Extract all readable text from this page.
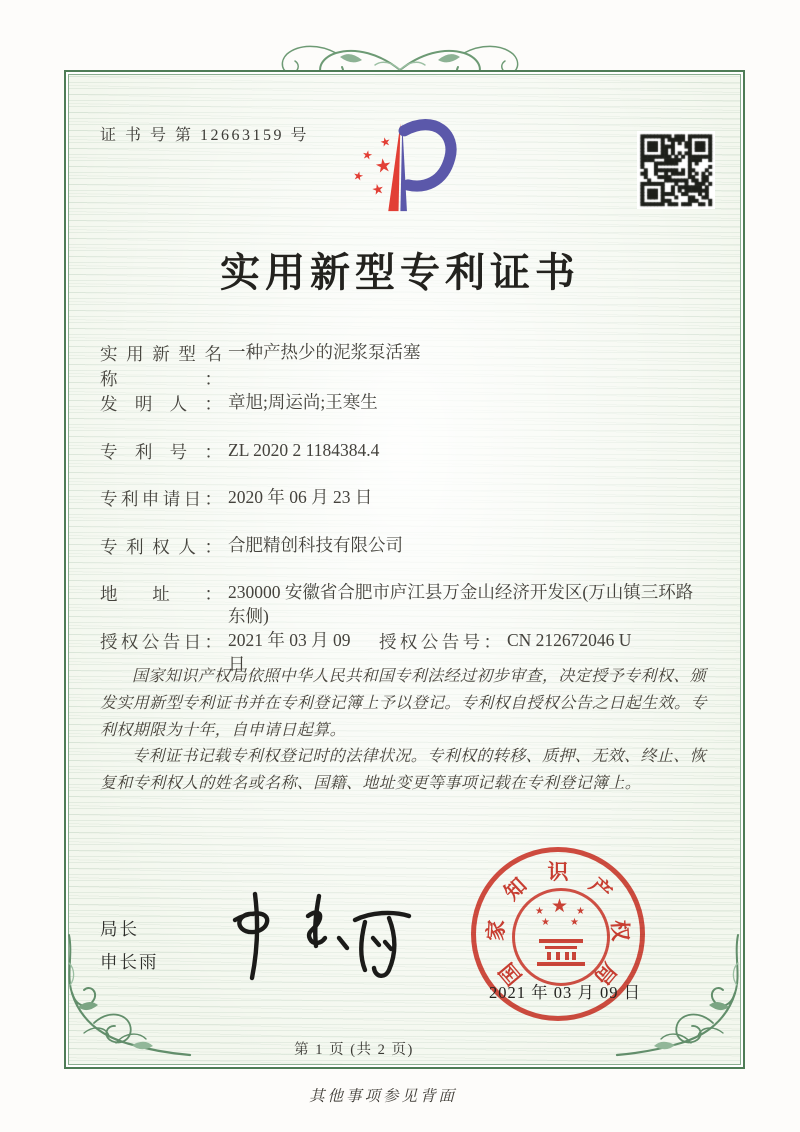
证 书 号 第 12663159 号	★
★ ★
★
★
实用新型专利证书
实用新型名称：
一种产热少的泥浆泵活塞
发明人： 章旭;周运尚;王寒生
专利号： ZL 2020 2 1184384.4
专利申请日： 2020 年 06 月 23 日
专利权人： 合肥精创科技有限公司
地址： 230000 安徽省合肥市庐江县万金山经济开发区(万山镇三环路东侧)
授权公告日： 2021 年 03 月 09 日
授权公告号： CN 212672046 U

国家知识产权局依照中华人民共和国专利法经过初步审查，决定授予专利权、颁发实用新型专利证书并在专利登记簿上予以登记。专利权自授权公告之日起生效。专利权期限为十年，自申请日起算。

专利证书记载专利权登记时的法律状况。专利权的转移、质押、无效、终止、恢复和专利权人的姓名或名称、国籍、地址变更等事项记载在专利登记簿上。

局长
申长雨	国
家
知
识
产
权
局
★
★	★
★ ★
2021 年 03 月 09 日
第 1 页 (共 2 页)
其他事项参见背面
